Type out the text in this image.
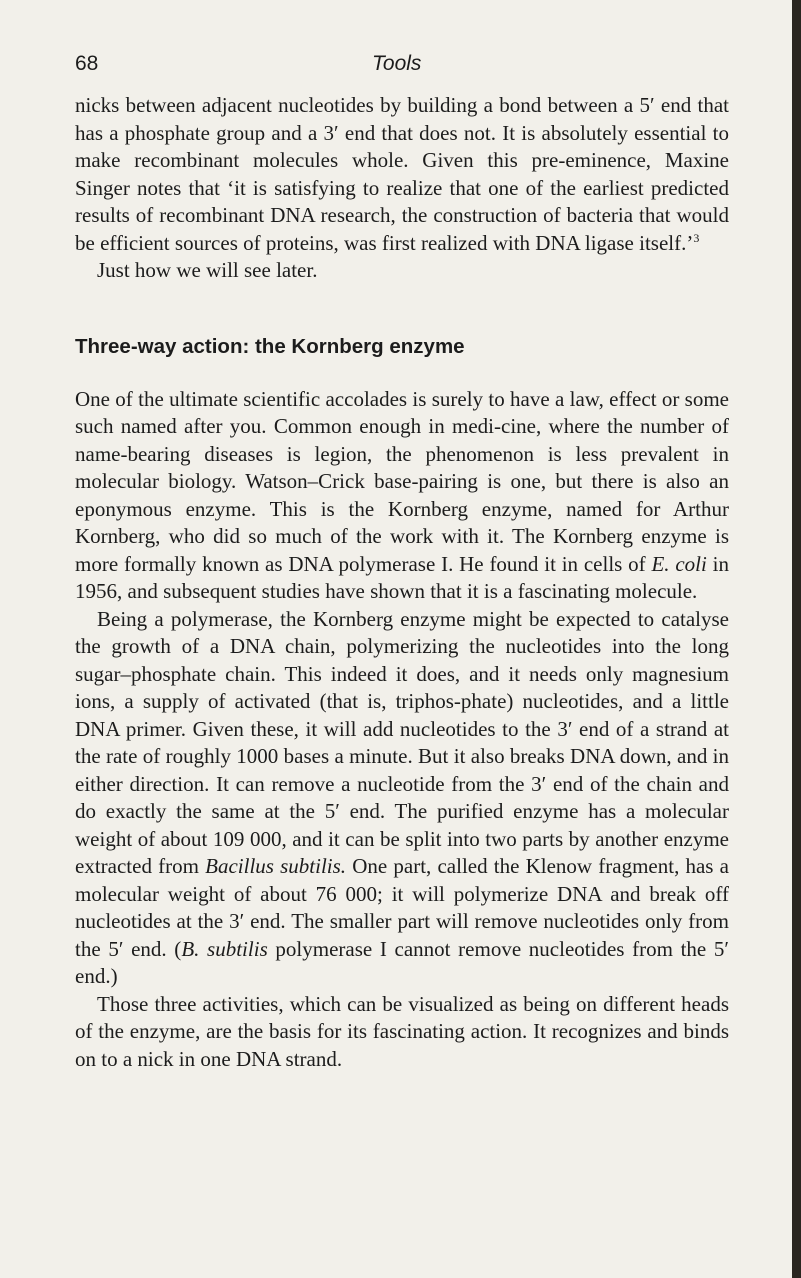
68	Tools

nicks between adjacent nucleotides by building a bond between a 5′ end that has a phosphate group and a 3′ end that does not. It is absolutely essential to make recombinant molecules whole. Given this pre-eminence, Maxine Singer notes that ‘it is satisfying to realize that one of the earliest predicted results of recombinant DNA research, the construction of bacteria that would be efficient sources of proteins, was first realized with DNA ligase itself.’$^3$

Just how we will see later.

Three-way action: the Kornberg enzyme

One of the ultimate scientific accolades is surely to have a law, effect or some such named after you. Common enough in medi-cine, where the number of name-bearing diseases is legion, the phenomenon is less prevalent in molecular biology. Watson–Crick base-pairing is one, but there is also an eponymous enzyme. This is the Kornberg enzyme, named for Arthur Kornberg, who did so much of the work with it. The Kornberg enzyme is more formally known as DNA polymerase I. He found it in cells of E. coli in 1956, and subsequent studies have shown that it is a fascinating molecule.

Being a polymerase, the Kornberg enzyme might be expected to catalyse the growth of a DNA chain, polymerizing the nucleotides into the long sugar–phosphate chain. This indeed it does, and it needs only magnesium ions, a supply of activated (that is, triphos-phate) nucleotides, and a little DNA primer. Given these, it will add nucleotides to the 3′ end of a strand at the rate of roughly 1000 bases a minute. But it also breaks DNA down, and in either direction. It can remove a nucleotide from the 3′ end of the chain and do exactly the same at the 5′ end. The purified enzyme has a molecular weight of about 109 000, and it can be split into two parts by another enzyme extracted from Bacillus subtilis. One part, called the Klenow fragment, has a molecular weight of about 76 000; it will polymerize DNA and break off nucleotides at the 3′ end. The smaller part will remove nucleotides only from the 5′ end. (B. subtilis polymerase I cannot remove nucleotides from the 5′ end.)

Those three activities, which can be visualized as being on different heads of the enzyme, are the basis for its fascinating action. It recognizes and binds on to a nick in one DNA strand.
